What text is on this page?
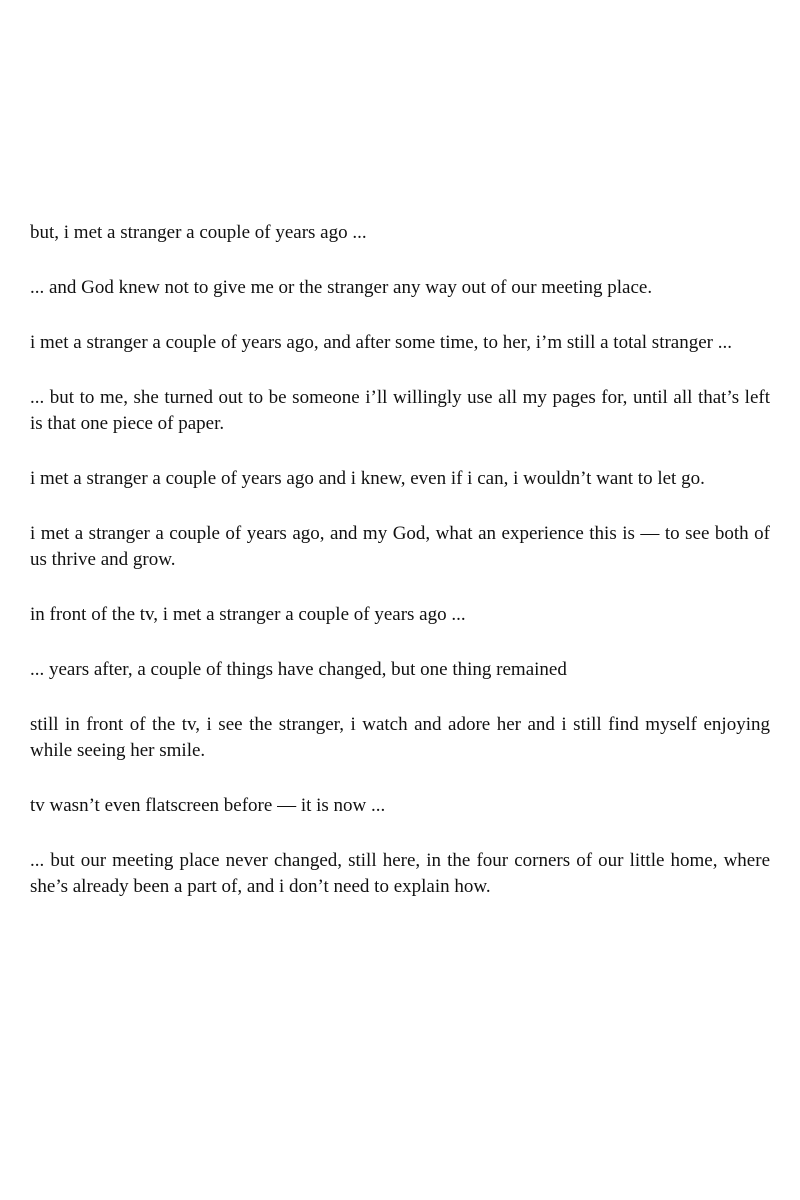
but, i met a stranger a couple of years ago ...

... and God knew not to give me or the stranger any way out of our meeting place.

i met a stranger a couple of years ago, and after some time, to her, i’m still a total stranger ...

... but to me, she turned out to be someone i’ll willingly use all my pages for, until all that’s left is that one piece of paper.

i met a stranger a couple of years ago and i knew, even if i can, i wouldn’t want to let go.

i met a stranger a couple of years ago, and my God, what an experience this is — to see both of us thrive and grow.

in front of the tv, i met a stranger a couple of years ago ...

... years after, a couple of things have changed, but one thing remained

still in front of the tv, i see the stranger, i watch and adore her and i still find myself enjoying while seeing her smile.

tv wasn’t even flatscreen before — it is now ...

... but our meeting place never changed, still here, in the four corners of our little home, where she’s already been a part of, and i don’t need to explain how.
